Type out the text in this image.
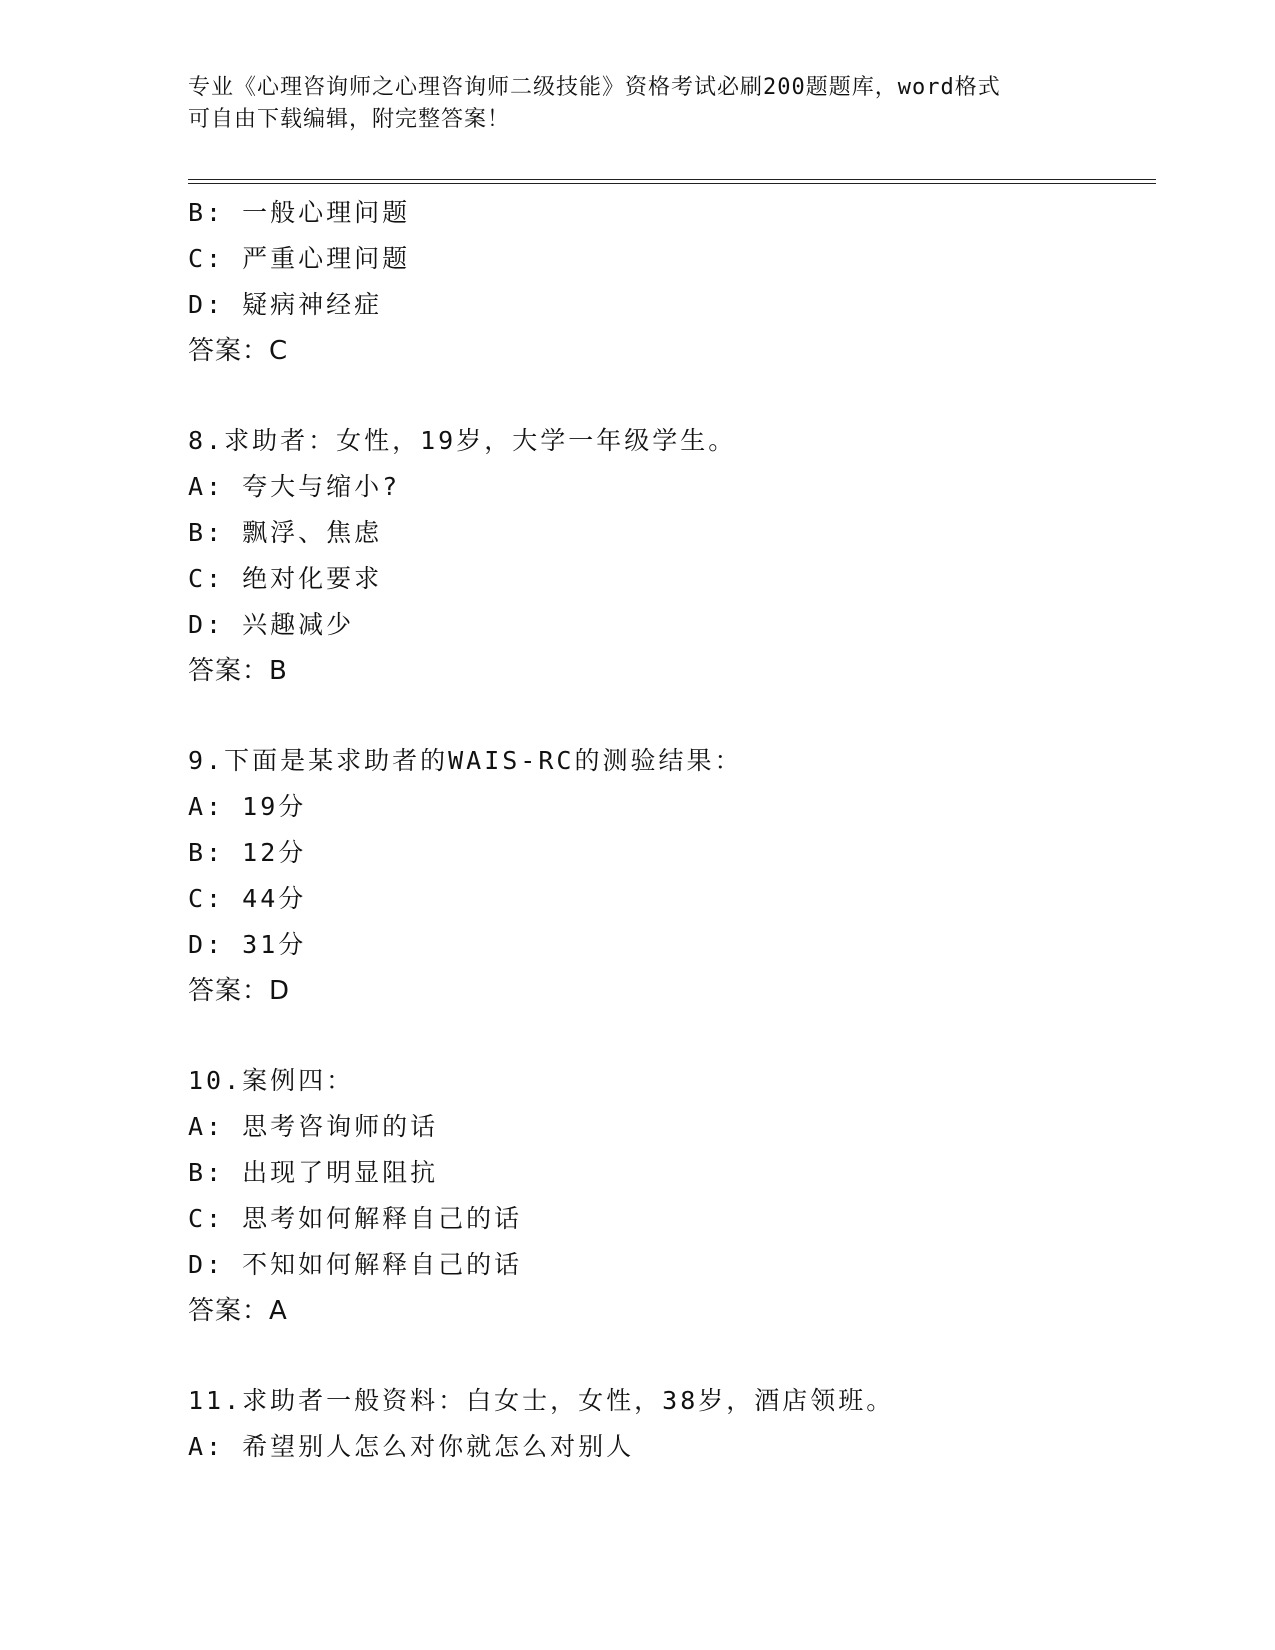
专业《心理咨询师之心理咨询师二级技能》资格考试必刷200题题库，word格式
可自由下载编辑，附完整答案！
B: 一般心理问题
C: 严重心理问题
D: 疑病神经症
答案：C
8.求助者：女性，19岁，大学一年级学生。
A: 夸大与缩小?
B: 飘浮、焦虑
C: 绝对化要求
D: 兴趣减少
答案：B
9.下面是某求助者的WAIS-RC的测验结果：
A: 19分
B: 12分
C: 44分
D: 31分
答案：D
10.案例四：
A: 思考咨询师的话
B: 出现了明显阻抗
C: 思考如何解释自己的话
D: 不知如何解释自己的话
答案：A
11.求助者一般资料：白女士，女性，38岁，酒店领班。
A: 希望别人怎么对你就怎么对别人
